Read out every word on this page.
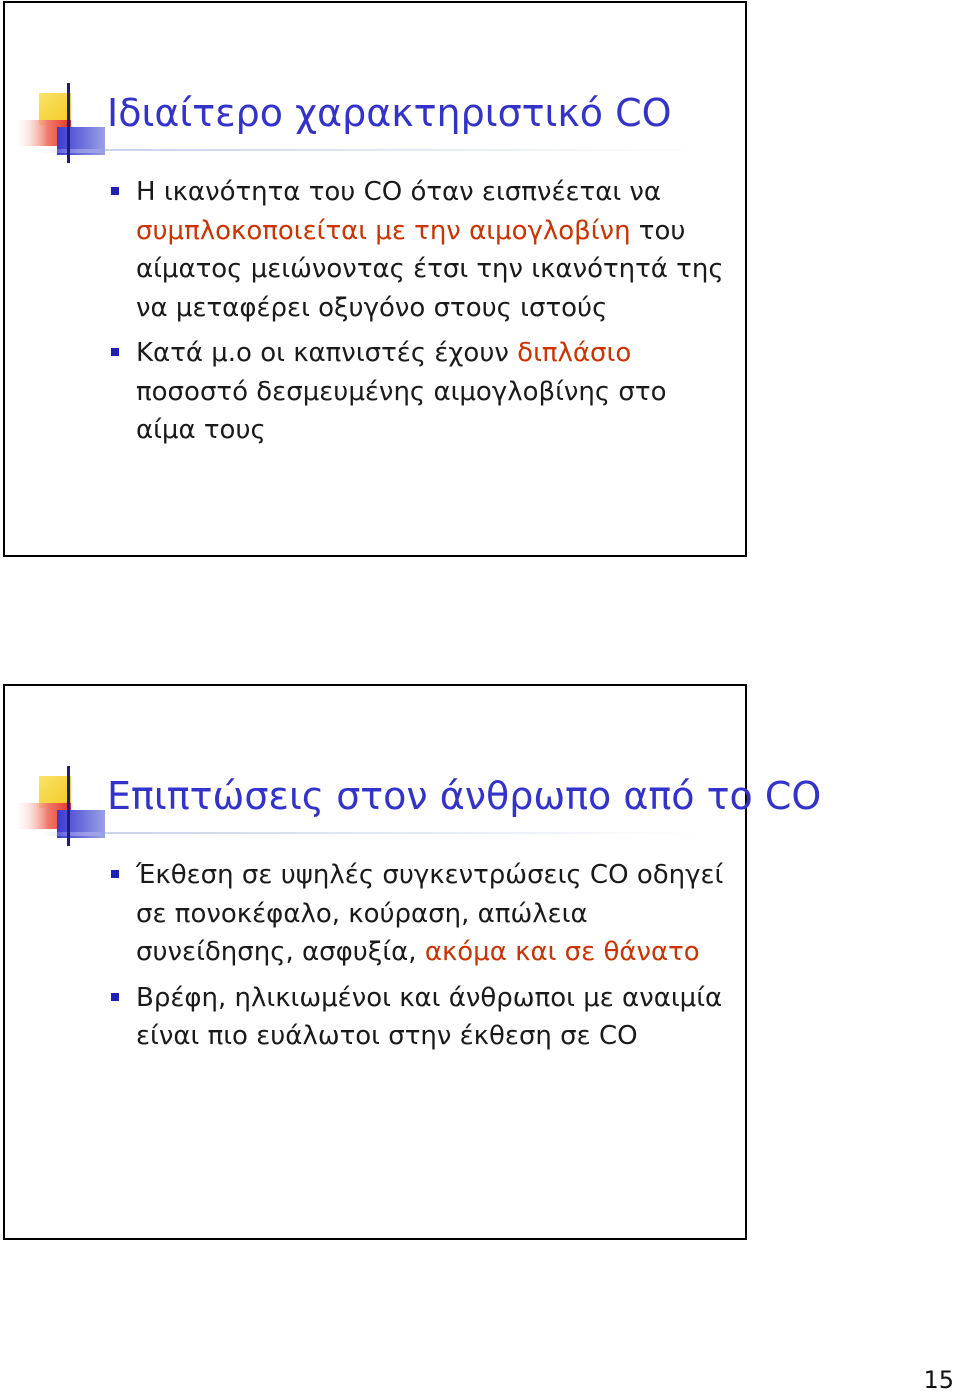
Ιδιαίτερο χαρακτηριστικό CO
Η ικανότητα του CO όταν εισπνέεται να συμπλοκοποιείται με την αιμογλοβίνη του αίματος μειώνοντας έτσι την ικανότητά της να μεταφέρει οξυγόνο στους ιστούς
Κατά μ.ο οι καπνιστές έχουν διπλάσιο ποσοστό δεσμευμένης αιμογλοβίνης στο αίμα τους
Επιπτώσεις στον άνθρωπο από το CO
Έκθεση σε υψηλές συγκεντρώσεις CO οδηγεί σε πονοκέφαλο, κούραση, απώλεια συνείδησης, ασφυξία, ακόμα και σε θάνατο
Βρέφη, ηλικιωμένοι και άνθρωποι με αναιμία είναι πιο ευάλωτοι στην έκθεση σε CO
15
